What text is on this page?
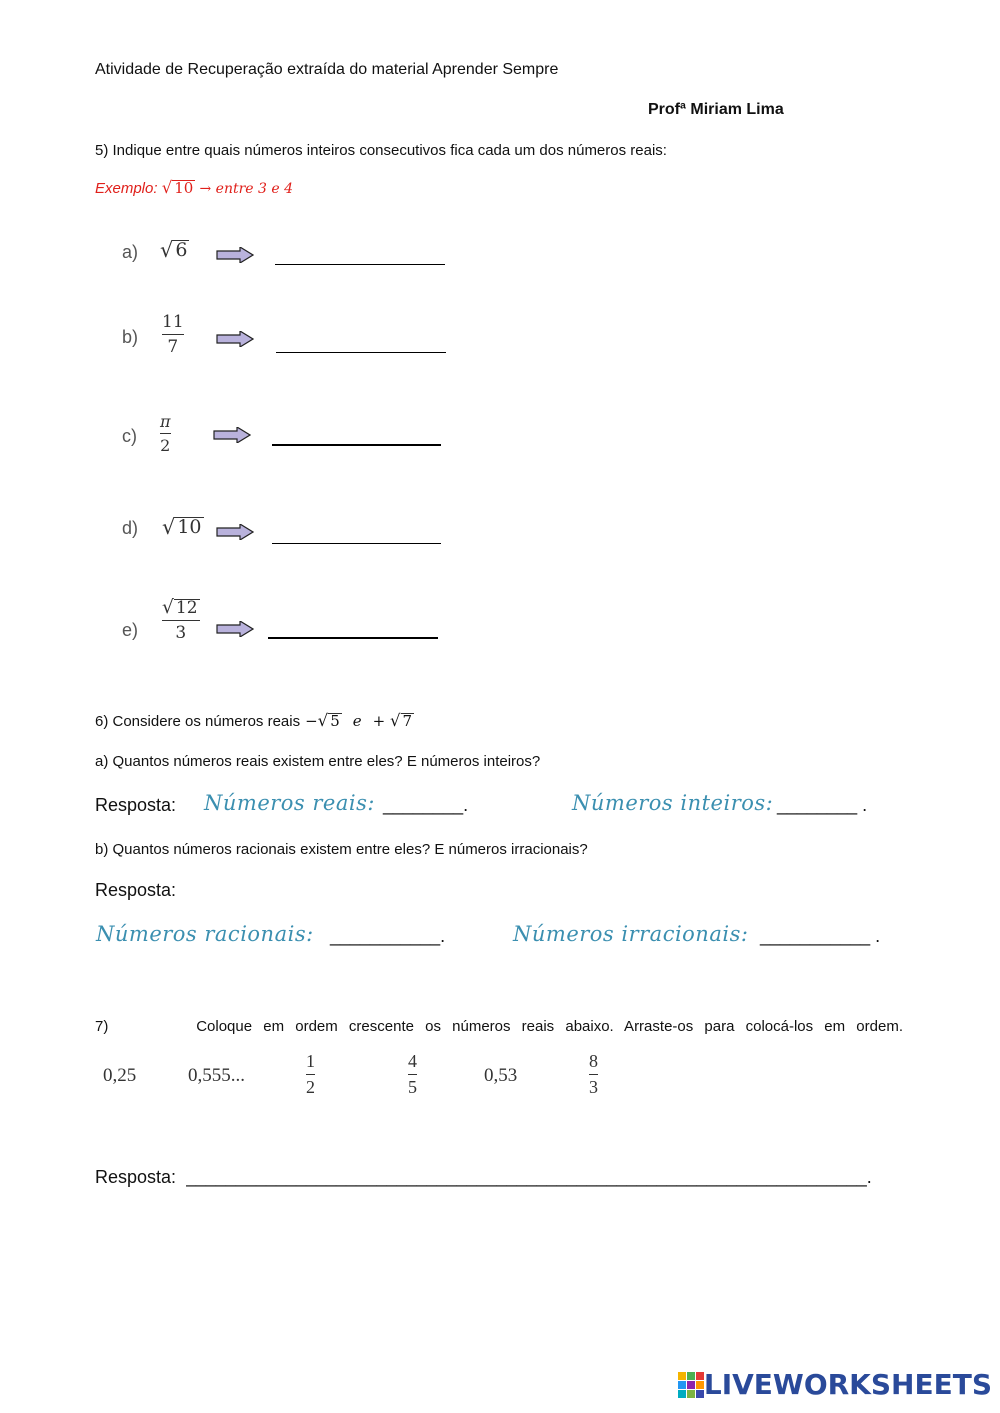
Atividade de Recuperação extraída do material Aprender Sempre
Profª Miriam Lima
5) Indique entre quais números inteiros consecutivos fica cada um dos números reais:
Exemplo: √ 10 → entre 3 e 4
a) √ 6
b)
11
7
c)
π
2
d) √ 10
e)
√ 12
3
6) Considere os números reais − √ 5 e + √ 7
a) Quantos números reais existem entre eles? E números inteiros?
Resposta: Números reais: ________.	Números inteiros: ________ .
b) Quantos números racionais existem entre eles? E números irracionais?
Resposta:
Números racionais: ___________.	Números irracionais: ___________ .
7)	Coloque em ordem crescente os números reais abaixo. Arraste-os para colocá-los em ordem.
0,25	0,555...
1
2
4
5
0,53
8
3
Resposta: ____________________________________________________________________.
LIVEWORKSHEETS
